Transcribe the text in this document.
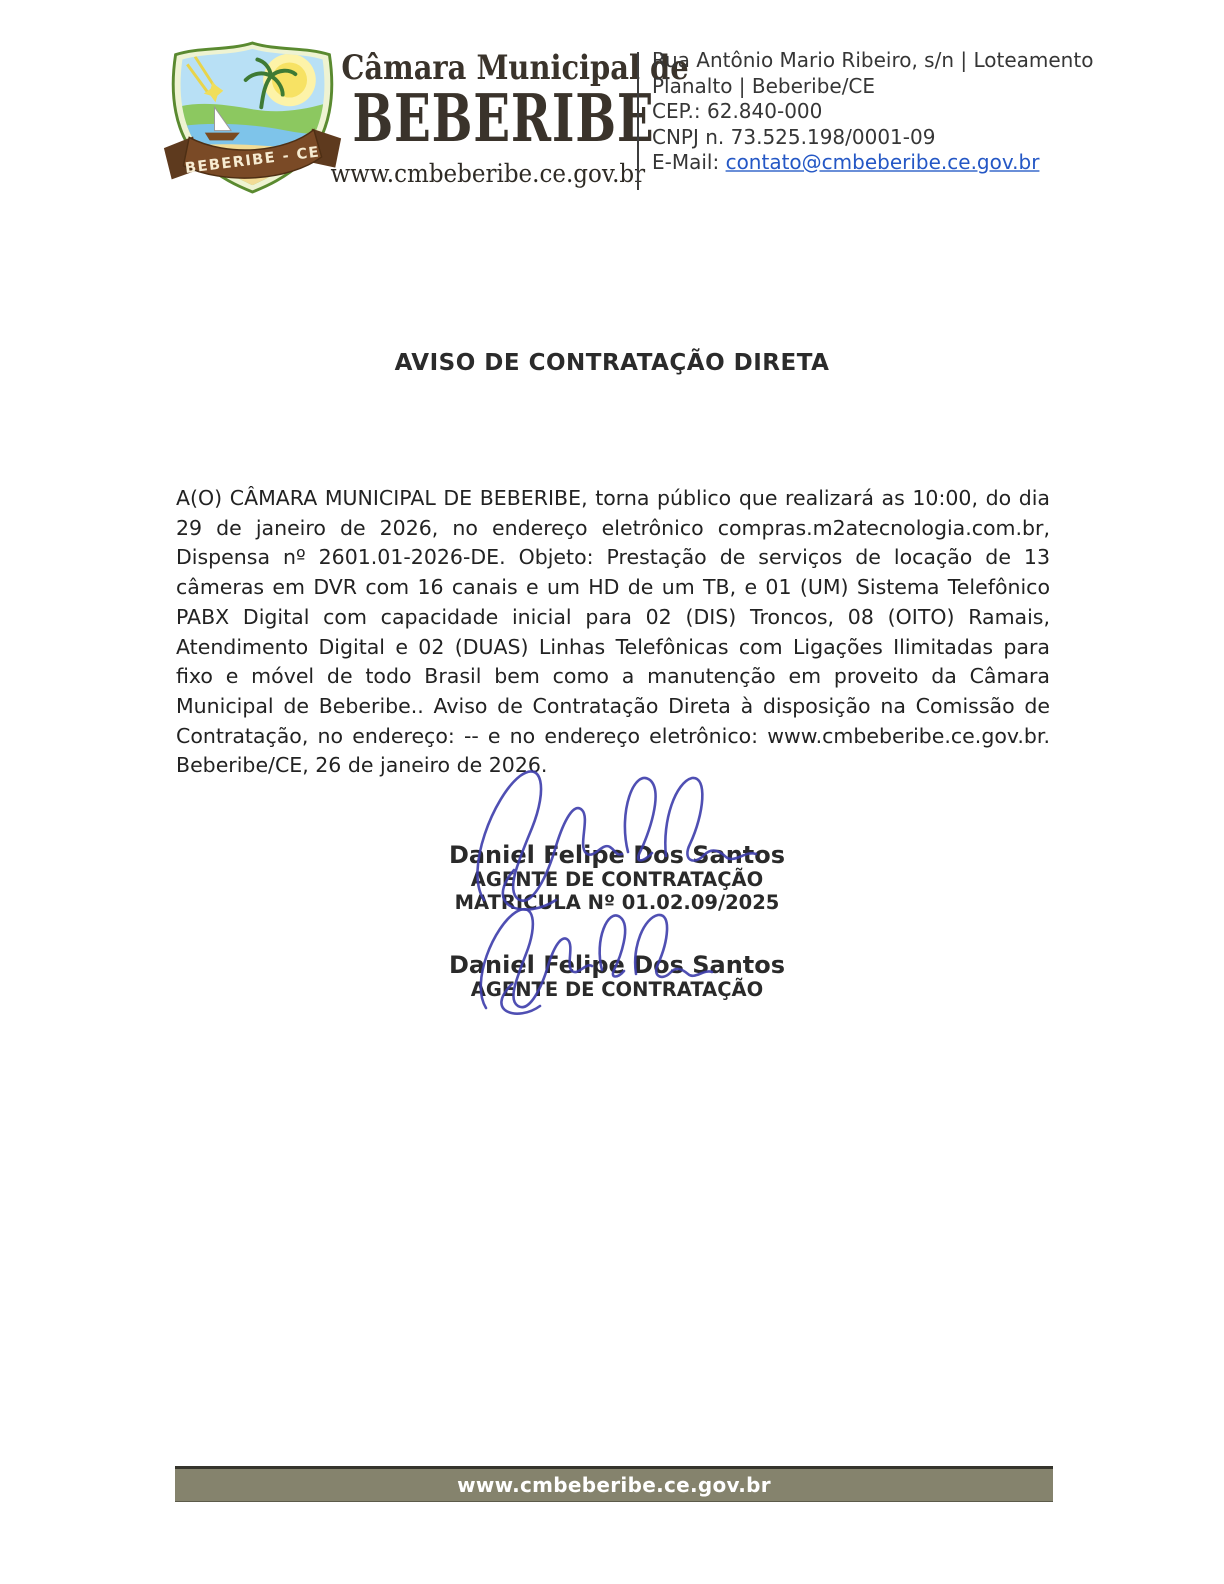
BEBERIBE - CE
Câmara Municipal de
BEBERIBE
www.cmbeberibe.ce.gov.br
Rua Antônio Mario Ribeiro, s/n | Loteamento
Planalto | Beberibe/CE
CEP.: 62.840-000
CNPJ n. 73.525.198/0001-09
E-Mail: contato@cmbeberibe.ce.gov.br
AVISO DE CONTRATAÇÃO DIRETA
A(O) CÂMARA MUNICIPAL DE BEBERIBE, torna público que realizará as 10:00, do dia 29 de janeiro de 2026, no endereço eletrônico compras.m2atecnologia.com.br, Dispensa nº 2601.01-2026-DE. Objeto: Prestação de serviços de locação de 13 câmeras em DVR com 16 canais e um HD de um TB, e 01 (UM) Sistema Telefônico PABX Digital com capacidade inicial para 02 (DIS) Troncos, 08 (OITO) Ramais, Atendimento Digital e 02 (DUAS) Linhas Telefônicas com Ligações Ilimitadas para fixo e móvel de todo Brasil bem como a manutenção em proveito da Câmara Municipal de Beberibe.. Aviso de Contratação Direta à disposição na Comissão de Contratação, no endereço: -- e no endereço eletrônico: www.cmbeberibe.ce.gov.br. Beberibe/CE, 26 de janeiro de 2026.
Daniel Felipe Dos Santos
AGENTE DE CONTRATAÇÃO
MATRICULA Nº 01.02.09/2025
Daniel Felipe Dos Santos
AGENTE DE CONTRATAÇÃO
www.cmbeberibe.ce.gov.br
